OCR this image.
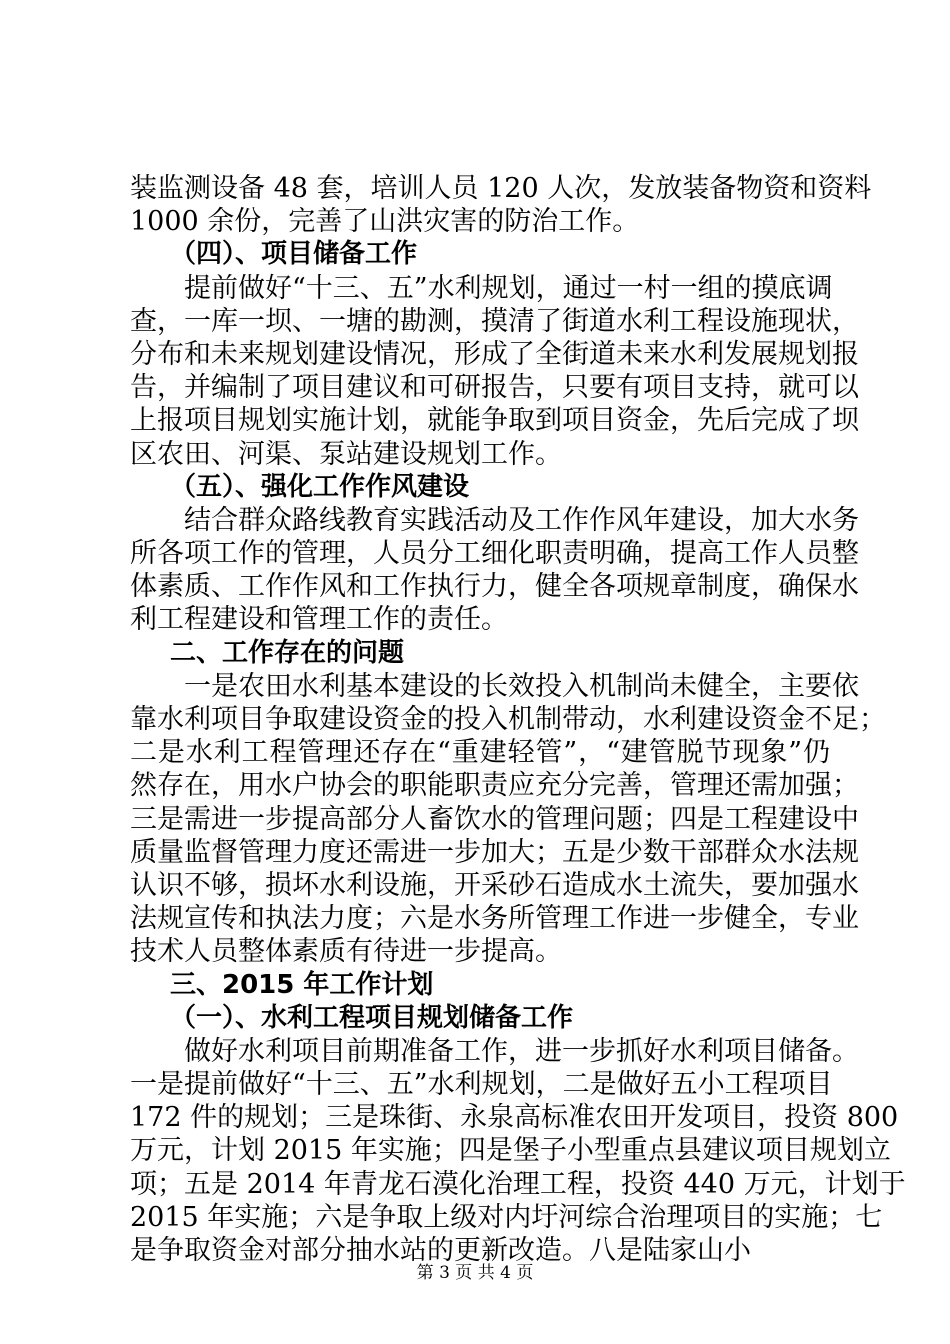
装监测设备 48 套，培训人员 120 人次，发放装备物资和资料
1000 余份，完善了山洪灾害的防治工作。
（四）、项目储备工作
　　提前做好“十三、五”水利规划，通过一村一组的摸底调
查，一库一坝、一塘的勘测，摸清了街道水利工程设施现状，
分布和未来规划建设情况，形成了全街道未来水利发展规划报
告，并编制了项目建议和可研报告，只要有项目支持，就可以
上报项目规划实施计划，就能争取到项目资金，先后完成了坝
区农田、河渠、泵站建设规划工作。
（五）、强化工作作风建设
　　结合群众路线教育实践活动及工作作风年建设，加大水务
所各项工作的管理，人员分工细化职责明确，提高工作人员整
体素质、工作作风和工作执行力，健全各项规章制度，确保水
利工程建设和管理工作的责任。
二、工作存在的问题
　　一是农田水利基本建设的长效投入机制尚未健全，主要依
靠水利项目争取建设资金的投入机制带动，水利建设资金不足；
二是水利工程管理还存在“重建轻管”，“建管脱节现象”仍
然存在，用水户协会的职能职责应充分完善，管理还需加强；
三是需进一步提高部分人畜饮水的管理问题；四是工程建设中
质量监督管理力度还需进一步加大；五是少数干部群众水法规
认识不够，损坏水利设施，开采砂石造成水土流失，要加强水
法规宣传和执法力度；六是水务所管理工作进一步健全，专业
技术人员整体素质有待进一步提高。
三、2015 年工作计划
（一）、水利工程项目规划储备工作
　　做好水利项目前期准备工作，进一步抓好水利项目储备。
一是提前做好“十三、五”水利规划，二是做好五小工程项目
172 件的规划；三是珠街、永泉高标准农田开发项目，投资 800
万元，计划 2015 年实施；四是堡子小型重点县建议项目规划立
项；五是 2014 年青龙石漠化治理工程，投资 440 万元，计划于
2015 年实施；六是争取上级对内圩河综合治理项目的实施；七
是争取资金对部分抽水站的更新改造。八是陆家山小
第 3 页 共 4 页
